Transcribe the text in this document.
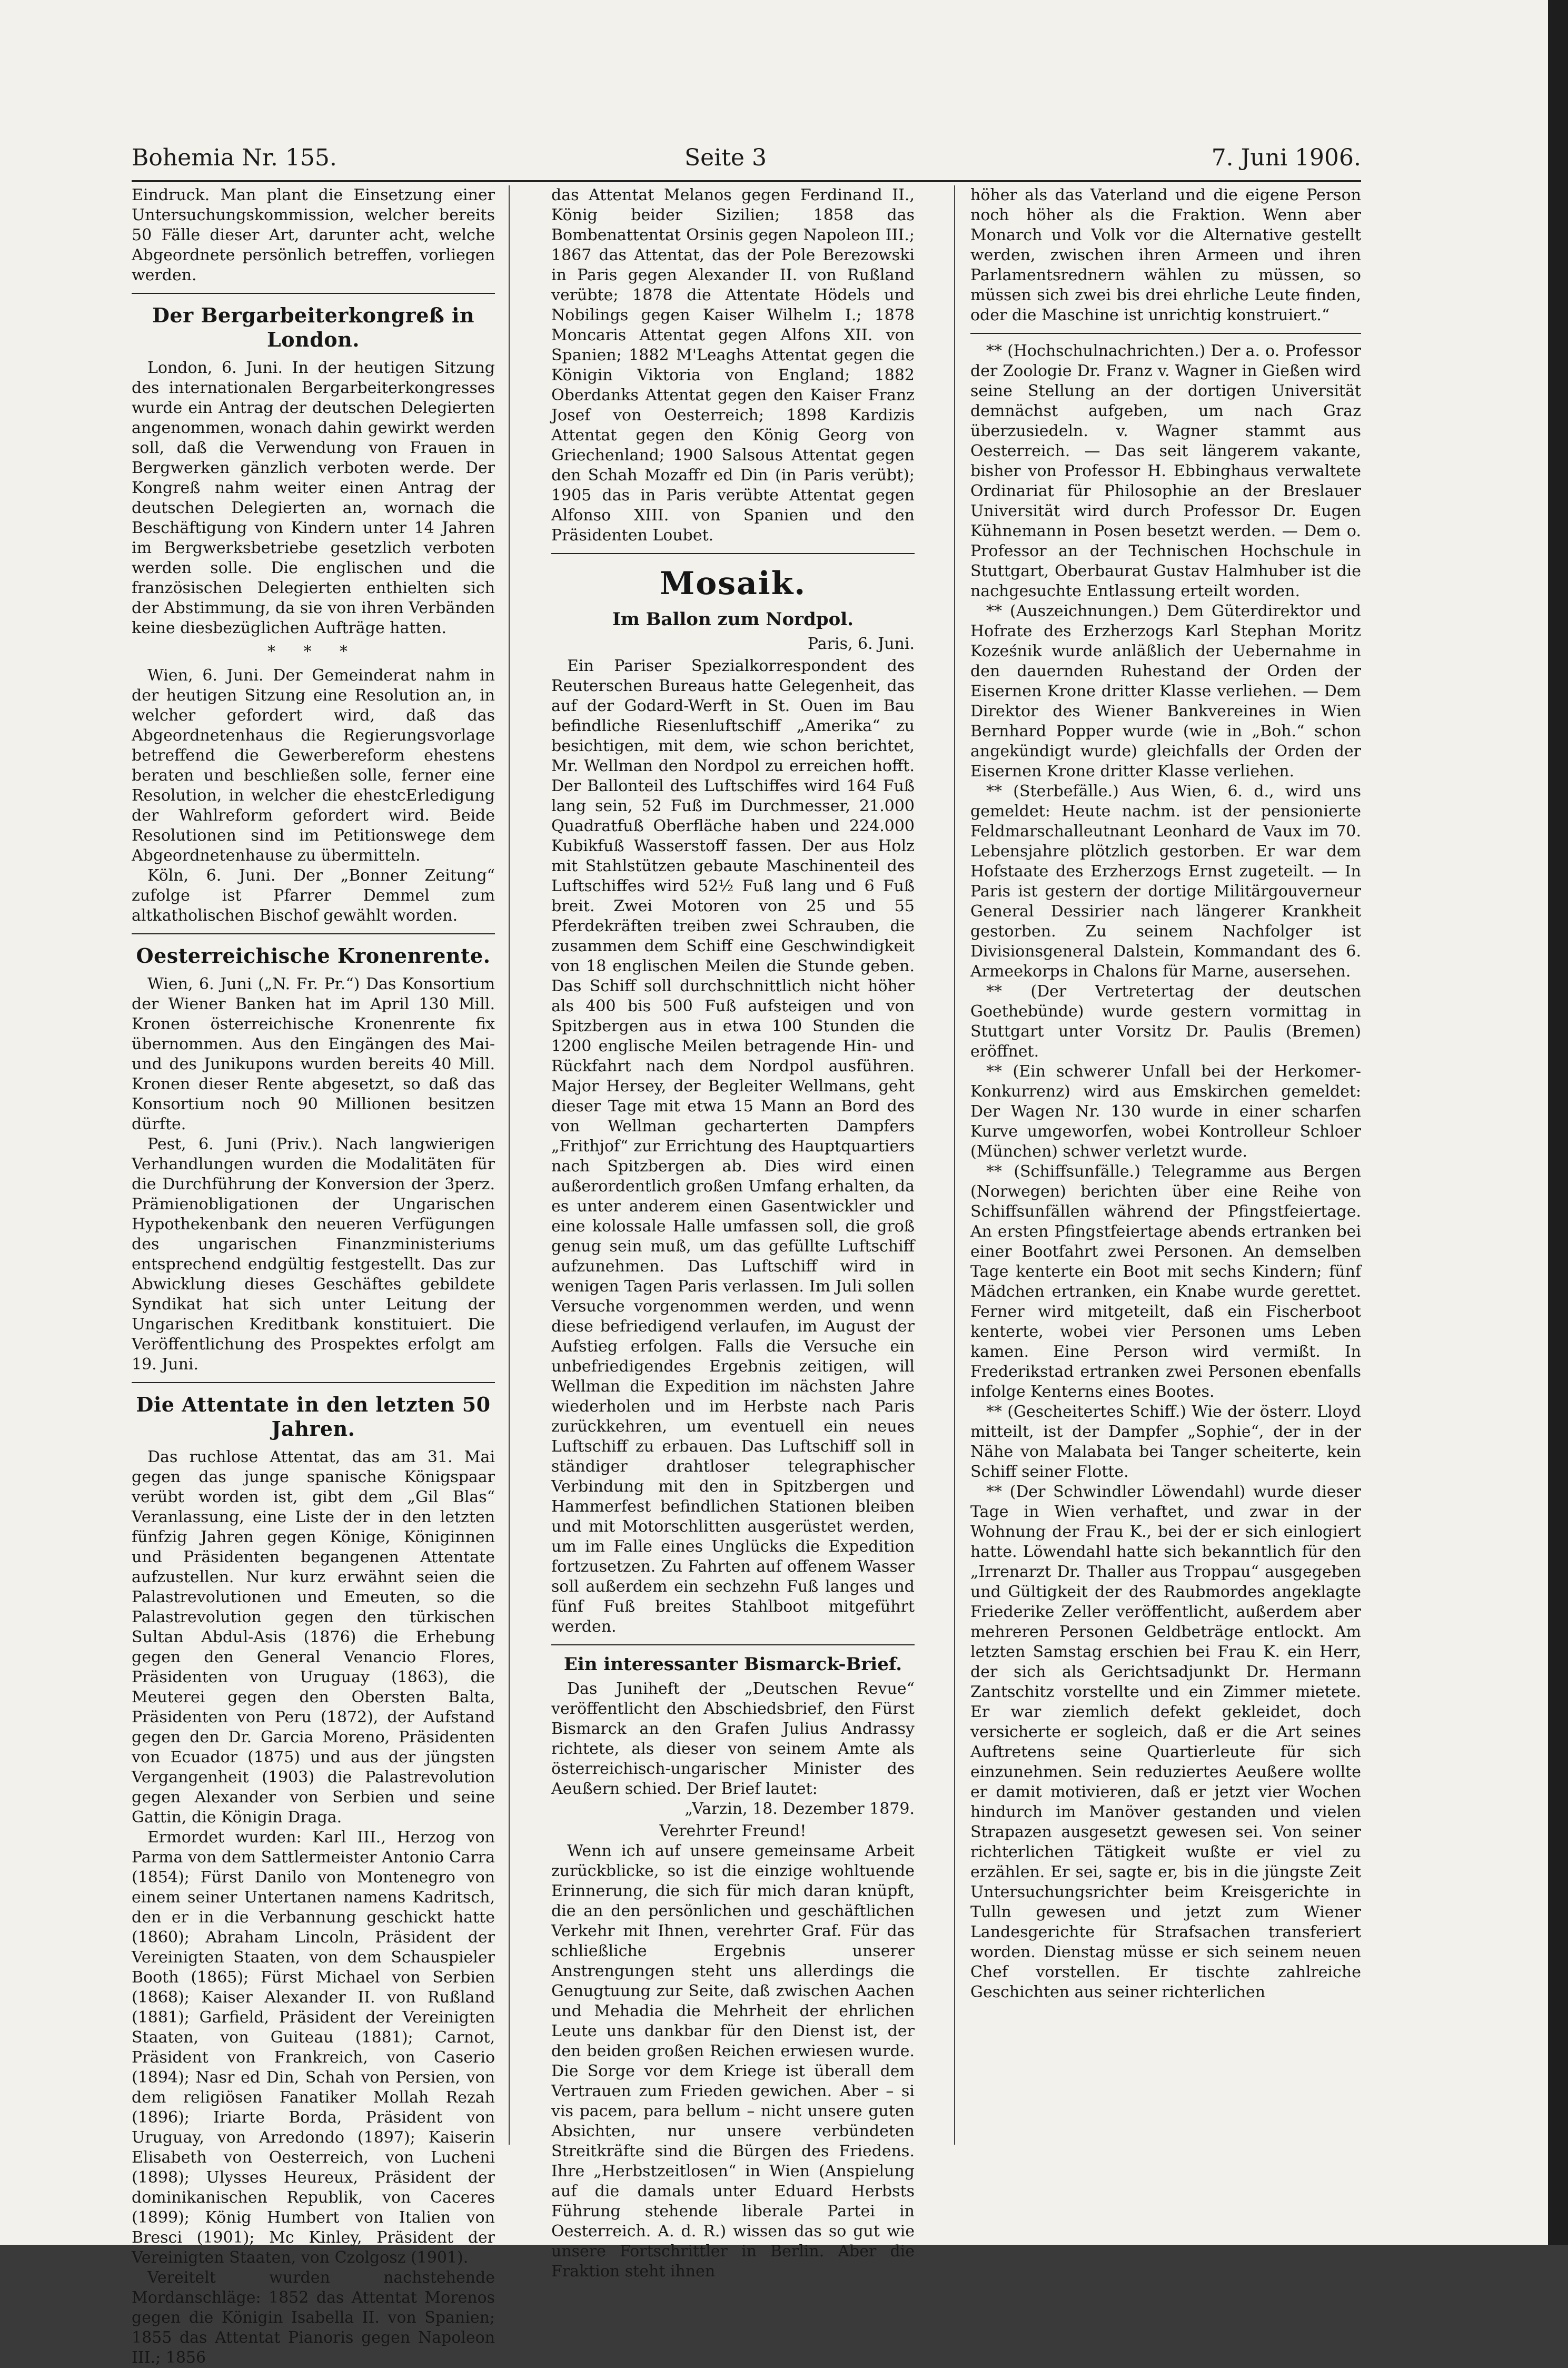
Bohemia Nr. 155.	Seite 3	7. Juni 1906.

Eindruck. Man plant die Einsetzung einer Untersuchungskommission, welcher bereits 50 Fälle dieser Art, darunter acht, welche Abgeordnete persönlich betreffen, vorliegen werden.

Der Bergarbeiterkongreß in London.

London, 6. Juni. In der heutigen Sitzung des internationalen Bergarbeiterkongresses wurde ein Antrag der deutschen Delegierten angenommen, wonach dahin gewirkt werden soll, daß die Verwendung von Frauen in Bergwerken gänzlich verboten werde. Der Kongreß nahm weiter einen Antrag der deutschen Delegierten an, wornach die Beschäftigung von Kindern unter 14 Jahren im Bergwerksbetriebe gesetzlich verboten werden solle. Die englischen und die französischen Delegierten enthielten sich der Abstimmung, da sie von ihren Verbänden keine diesbezüglichen Aufträge hatten.

* * *

Wien, 6. Juni. Der Gemeinderat nahm in der heutigen Sitzung eine Resolution an, in welcher gefordert wird, daß das Abgeordnetenhaus die Regierungsvorlage betreffend die Gewerbereform ehestens beraten und beschließen solle, ferner eine Resolution, in welcher die ehestcErledigung der Wahlreform gefordert wird. Beide Resolutionen sind im Petitionswege dem Abgeordnetenhause zu übermitteln.

Köln, 6. Juni. Der „Bonner Zeitung“ zufolge ist Pfarrer Demmel zum altkatholischen Bischof gewählt worden.

Oesterreichische Kronenrente.

Wien, 6. Juni („N. Fr. Pr.“) Das Konsortium der Wiener Banken hat im April 130 Mill. Kronen österreichische Kronenrente fix übernommen. Aus den Eingängen des Mai- und des Junikupons wurden bereits 40 Mill. Kronen dieser Rente abgesetzt, so daß das Konsortium noch 90 Millionen besitzen dürfte.

Pest, 6. Juni (Priv.). Nach langwierigen Verhandlungen wurden die Modalitäten für die Durchführung der Konversion der 3perz. Prämienobligationen der Ungarischen Hypothekenbank den neueren Verfügungen des ungarischen Finanzministeriums entsprechend endgültig festgestellt. Das zur Abwicklung dieses Geschäftes gebildete Syndikat hat sich unter Leitung der Ungarischen Kreditbank konstituiert. Die Veröffentlichung des Prospektes erfolgt am 19. Juni.

Die Attentate in den letzten 50 Jahren.

Das ruchlose Attentat, das am 31. Mai gegen das junge spanische Königspaar verübt worden ist, gibt dem „Gil Blas“ Veranlassung, eine Liste der in den letzten fünfzig Jahren gegen Könige, Königinnen und Präsidenten begangenen Attentate aufzustellen. Nur kurz erwähnt seien die Palastrevolutionen und Emeuten, so die Palastrevolution gegen den türkischen Sultan Abdul-Asis (1876) die Erhebung gegen den General Venancio Flores, Präsidenten von Uruguay (1863), die Meuterei gegen den Obersten Balta, Präsidenten von Peru (1872), der Aufstand gegen den Dr. Garcia Moreno, Präsidenten von Ecuador (1875) und aus der jüngsten Vergangenheit (1903) die Palastrevolution gegen Alexander von Serbien und seine Gattin, die Königin Draga.

Ermordet wurden: Karl III., Herzog von Parma von dem Sattlermeister Antonio Carra (1854); Fürst Danilo von Montenegro von einem seiner Untertanen namens Kadritsch, den er in die Verbannung geschickt hatte (1860); Abraham Lincoln, Präsident der Vereinigten Staaten, von dem Schauspieler Booth (1865); Fürst Michael von Serbien (1868); Kaiser Alexander II. von Rußland (1881); Garfield, Präsident der Vereinigten Staaten, von Guiteau (1881); Carnot, Präsident von Frankreich, von Caserio (1894); Nasr ed Din, Schah von Persien, von dem religiösen Fanatiker Mollah Rezah (1896); Iriarte Borda, Präsident von Uruguay, von Arredondo (1897); Kaiserin Elisabeth von Oesterreich, von Lucheni (1898); Ulysses Heureux, Präsident der dominikanischen Republik, von Caceres (1899); König Humbert von Italien von Bresci (1901); Mc Kinley, Präsident der Vereinigten Staaten, von Czolgosz (1901).

Vereitelt wurden nachstehende Mordanschläge: 1852 das Attentat Morenos gegen die Königin Isabella II. von Spanien; 1855 das Attentat Pianoris gegen Napoleon III.; 1856

das Attentat Melanos gegen Ferdinand II., König beider Sizilien; 1858 das Bombenattentat Orsinis gegen Napoleon III.; 1867 das Attentat, das der Pole Berezowski in Paris gegen Alexander II. von Rußland verübte; 1878 die Attentate Hödels und Nobilings gegen Kaiser Wilhelm I.; 1878 Moncaris Attentat gegen Alfons XII. von Spanien; 1882 M'Leaghs Attentat gegen die Königin Viktoria von England; 1882 Oberdanks Attentat gegen den Kaiser Franz Josef von Oesterreich; 1898 Kardizis Attentat gegen den König Georg von Griechenland; 1900 Salsous Attentat gegen den Schah Mozaffr ed Din (in Paris verübt); 1905 das in Paris verübte Attentat gegen Alfonso XIII. von Spanien und den Präsidenten Loubet.

Mosaik.
Im Ballon zum Nordpol.
Paris, 6. Juni.

Ein Pariser Spezialkorrespondent des Reuterschen Bureaus hatte Gelegenheit, das auf der Godard-Werft in St. Ouen im Bau befindliche Riesenluftschiff „Amerika“ zu besichtigen, mit dem, wie schon berichtet, Mr. Wellman den Nordpol zu erreichen hofft. Der Ballonteil des Luftschiffes wird 164 Fuß lang sein, 52 Fuß im Durchmesser, 21.000 Quadratfuß Oberfläche haben und 224.000 Kubikfuß Wasserstoff fassen. Der aus Holz mit Stahlstützen gebaute Maschinenteil des Luftschiffes wird 52½ Fuß lang und 6 Fuß breit. Zwei Motoren von 25 und 55 Pferdekräften treiben zwei Schrauben, die zusammen dem Schiff eine Geschwindigkeit von 18 englischen Meilen die Stunde geben. Das Schiff soll durchschnittlich nicht höher als 400 bis 500 Fuß aufsteigen und von Spitzbergen aus in etwa 100 Stunden die 1200 englische Meilen betragende Hin- und Rückfahrt nach dem Nordpol ausführen. Major Hersey, der Begleiter Wellmans, geht dieser Tage mit etwa 15 Mann an Bord des von Wellman gecharterten Dampfers „Frithjof“ zur Errichtung des Hauptquartiers nach Spitzbergen ab. Dies wird einen außerordentlich großen Umfang erhalten, da es unter anderem einen Gasentwickler und eine kolossale Halle umfassen soll, die groß genug sein muß, um das gefüllte Luftschiff aufzunehmen. Das Luftschiff wird in wenigen Tagen Paris verlassen. Im Juli sollen Versuche vorgenommen werden, und wenn diese befriedigend verlaufen, im August der Aufstieg erfolgen. Falls die Versuche ein unbefriedigendes Ergebnis zeitigen, will Wellman die Expedition im nächsten Jahre wiederholen und im Herbste nach Paris zurückkehren, um eventuell ein neues Luftschiff zu erbauen. Das Luftschiff soll in ständiger drahtloser telegraphischer Verbindung mit den in Spitzbergen und Hammerfest befindlichen Stationen bleiben und mit Motorschlitten ausgerüstet werden, um im Falle eines Unglücks die Expedition fortzusetzen. Zu Fahrten auf offenem Wasser soll außerdem ein sechzehn Fuß langes und fünf Fuß breites Stahlboot mitgeführt werden.

Ein interessanter Bismarck-Brief.

Das Juniheft der „Deutschen Revue“ veröffentlicht den Abschiedsbrief, den Fürst Bismarck an den Grafen Julius Andrassy richtete, als dieser von seinem Amte als österreichisch-ungarischer Minister des Aeußern schied. Der Brief lautet:

„Varzin, 18. Dezember 1879.

Verehrter Freund!

Wenn ich auf unsere gemeinsame Arbeit zurückblicke, so ist die einzige wohltuende Erinnerung, die sich für mich daran knüpft, die an den persönlichen und geschäftlichen Verkehr mit Ihnen, verehrter Graf. Für das schließliche Ergebnis unserer Anstrengungen steht uns allerdings die Genugtuung zur Seite, daß zwischen Aachen und Mehadia die Mehrheit der ehrlichen Leute uns dankbar für den Dienst ist, der den beiden großen Reichen erwiesen wurde. Die Sorge vor dem Kriege ist überall dem Vertrauen zum Frieden gewichen. Aber – si vis pacem, para bellum – nicht unsere guten Absichten, nur unsere verbündeten Streitkräfte sind die Bürgen des Friedens. Ihre „Herbstzeitlosen“ in Wien (Anspielung auf die damals unter Eduard Herbsts Führung stehende liberale Partei in Oesterreich. A. d. R.) wissen das so gut wie unsere Fortschrittler in Berlin. Aber die Fraktion steht ihnen

höher als das Vaterland und die eigene Person noch höher als die Fraktion. Wenn aber Monarch und Volk vor die Alternative gestellt werden, zwischen ihren Armeen und ihren Parlamentsrednern wählen zu müssen, so müssen sich zwei bis drei ehrliche Leute finden, oder die Maschine ist unrichtig konstruiert.“

** (Hochschulnachrichten.) Der a. o. Professor der Zoologie Dr. Franz v. Wagner in Gießen wird seine Stellung an der dortigen Universität demnächst aufgeben, um nach Graz überzusiedeln. v. Wagner stammt aus Oesterreich. — Das seit längerem vakante, bisher von Professor H. Ebbinghaus verwaltete Ordinariat für Philosophie an der Breslauer Universität wird durch Professor Dr. Eugen Kühnemann in Posen besetzt werden. — Dem o. Professor an der Technischen Hochschule in Stuttgart, Oberbaurat Gustav Halmhuber ist die nachgesuchte Entlassung erteilt worden.

** (Auszeichnungen.) Dem Güterdirektor und Hofrate des Erzherzogs Karl Stephan Moritz Koześnik wurde anläßlich der Uebernahme in den dauernden Ruhestand der Orden der Eisernen Krone dritter Klasse verliehen. — Dem Direktor des Wiener Bankvereines in Wien Bernhard Popper wurde (wie in „Boh.“ schon angekündigt wurde) gleichfalls der Orden der Eisernen Krone dritter Klasse verliehen.

** (Sterbefälle.) Aus Wien, 6. d., wird uns gemeldet: Heute nachm. ist der pensionierte Feldmarschalleutnant Leonhard de Vaux im 70. Lebensjahre plötzlich gestorben. Er war dem Hofstaate des Erzherzogs Ernst zugeteilt. — In Paris ist gestern der dortige Militärgouverneur General Dessirier nach längerer Krankheit gestorben. Zu seinem Nachfolger ist Divisionsgeneral Dalstein, Kommandant des 6. Armeekorps in Chalons für Marne, ausersehen.

** (Der Vertretertag der deutschen Goethebünde) wurde gestern vormittag in Stuttgart unter Vorsitz Dr. Paulis (Bremen) eröffnet.

** (Ein schwerer Unfall bei der Herkomer-Konkurrenz) wird aus Emskirchen gemeldet: Der Wagen Nr. 130 wurde in einer scharfen Kurve umgeworfen, wobei Kontrolleur Schloer (München) schwer verletzt wurde.

** (Schiffsunfälle.) Telegramme aus Bergen (Norwegen) berichten über eine Reihe von Schiffsunfällen während der Pfingstfeiertage. An ersten Pfingstfeiertage abends ertranken bei einer Bootfahrt zwei Personen. An demselben Tage kenterte ein Boot mit sechs Kindern; fünf Mädchen ertranken, ein Knabe wurde gerettet. Ferner wird mitgeteilt, daß ein Fischerboot kenterte, wobei vier Personen ums Leben kamen. Eine Person wird vermißt. In Frederikstad ertranken zwei Personen ebenfalls infolge Kenterns eines Bootes.

** (Gescheitertes Schiff.) Wie der österr. Lloyd mitteilt, ist der Dampfer „Sophie“, der in der Nähe von Malabata bei Tanger scheiterte, kein Schiff seiner Flotte.

** (Der Schwindler Löwendahl) wurde dieser Tage in Wien verhaftet, und zwar in der Wohnung der Frau K., bei der er sich einlogiert hatte. Löwendahl hatte sich bekanntlich für den „Irrenarzt Dr. Thaller aus Troppau“ ausgegeben und Gültigkeit der des Raubmordes angeklagte Friederike Zeller veröffentlicht, außerdem aber mehreren Personen Geldbeträge entlockt. Am letzten Samstag erschien bei Frau K. ein Herr, der sich als Gerichtsadjunkt Dr. Hermann Zantschitz vorstellte und ein Zimmer mietete. Er war ziemlich defekt gekleidet, doch versicherte er sogleich, daß er die Art seines Auftretens seine Quartierleute für sich einzunehmen. Sein reduziertes Aeußere wollte er damit motivieren, daß er jetzt vier Wochen hindurch im Manöver gestanden und vielen Strapazen ausgesetzt gewesen sei. Von seiner richterlichen Tätigkeit wußte er viel zu erzählen. Er sei, sagte er, bis in die jüngste Zeit Untersuchungsrichter beim Kreisgerichte in Tulln gewesen und jetzt zum Wiener Landesgerichte für Strafsachen transferiert worden. Dienstag müsse er sich seinem neuen Chef vorstellen. Er tischte zahlreiche Geschichten aus seiner richterlichen
